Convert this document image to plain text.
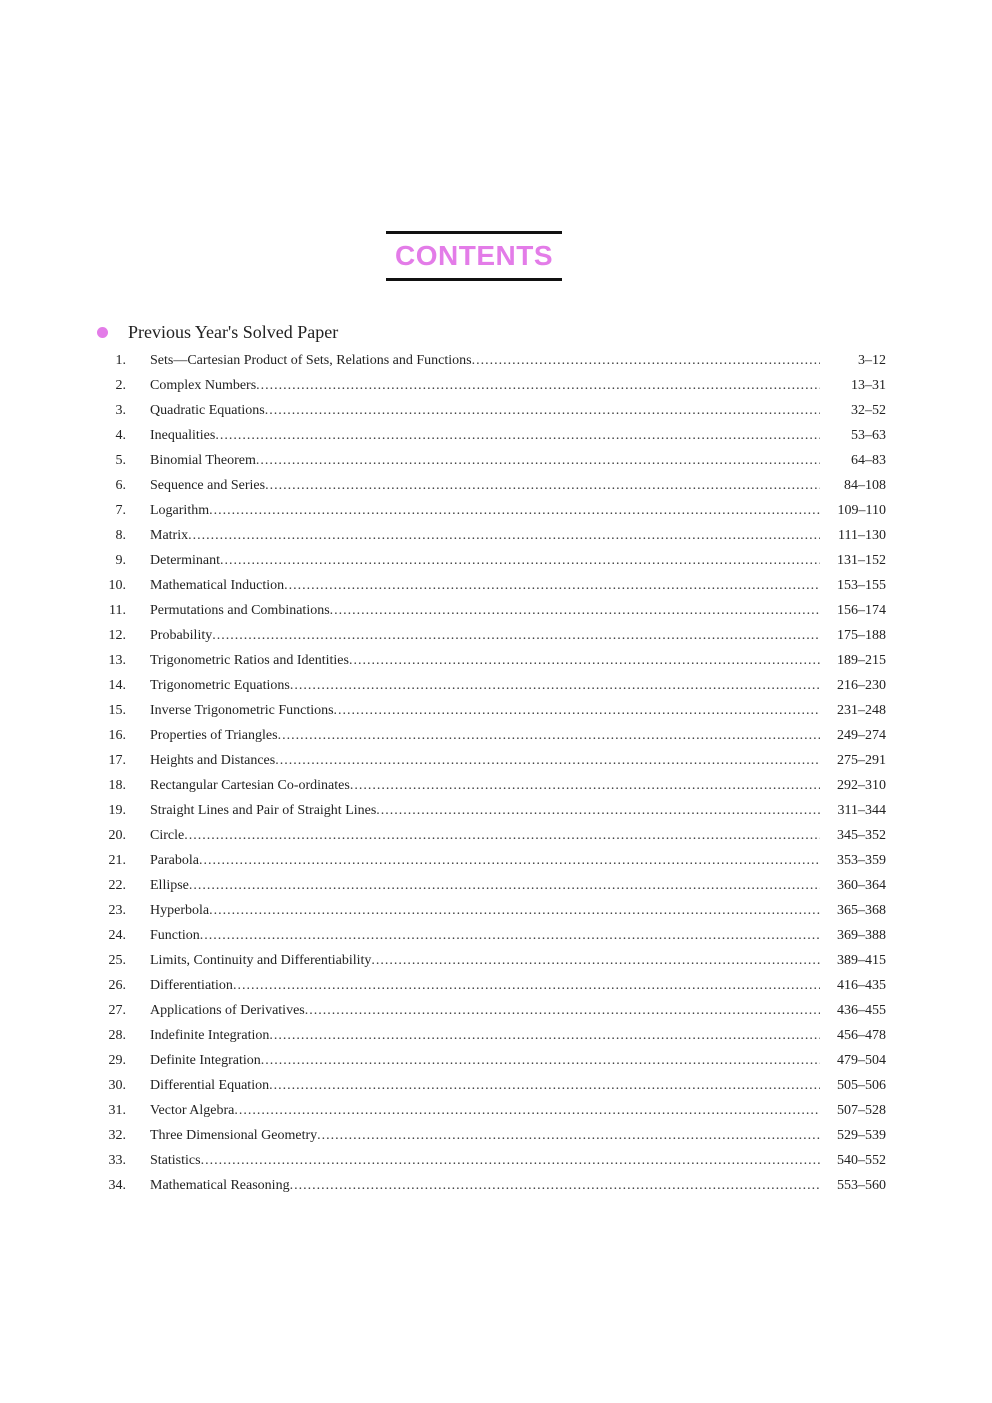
CONTENTS
Previous Year's Solved Paper
1. Sets—Cartesian Product of Sets, Relations and Functions .....	3–12
2. Complex Numbers .....	13–31
3. Quadratic Equations .....	32–52
4. Inequalities .....	53–63
5. Binomial Theorem .....	64–83
6. Sequence and Series .....	84–108
7. Logarithm .....	109–110
8. Matrix .....	111–130
9. Determinant .....	131–152
10. Mathematical Induction .....	153–155
11. Permutations and Combinations .....	156–174
12. Probability .....	175–188
13. Trigonometric Ratios and Identities .....	189–215
14. Trigonometric Equations .....	216–230
15. Inverse Trigonometric Functions .....	231–248
16. Properties of Triangles .....	249–274
17. Heights and Distances .....	275–291
18. Rectangular Cartesian Co-ordinates .....	292–310
19. Straight Lines and Pair of Straight Lines .....	311–344
20. Circle .....	345–352
21. Parabola .....	353–359
22. Ellipse .....	360–364
23. Hyperbola .....	365–368
24. Function .....	369–388
25. Limits, Continuity and Differentiability .....	389–415
26. Differentiation .....	416–435
27. Applications of Derivatives .....	436–455
28. Indefinite Integration .....	456–478
29. Definite Integration .....	479–504
30. Differential Equation .....	505–506
31. Vector Algebra .....	507–528
32. Three Dimensional Geometry .....	529–539
33. Statistics .....	540–552
34. Mathematical Reasoning .....	553–560
